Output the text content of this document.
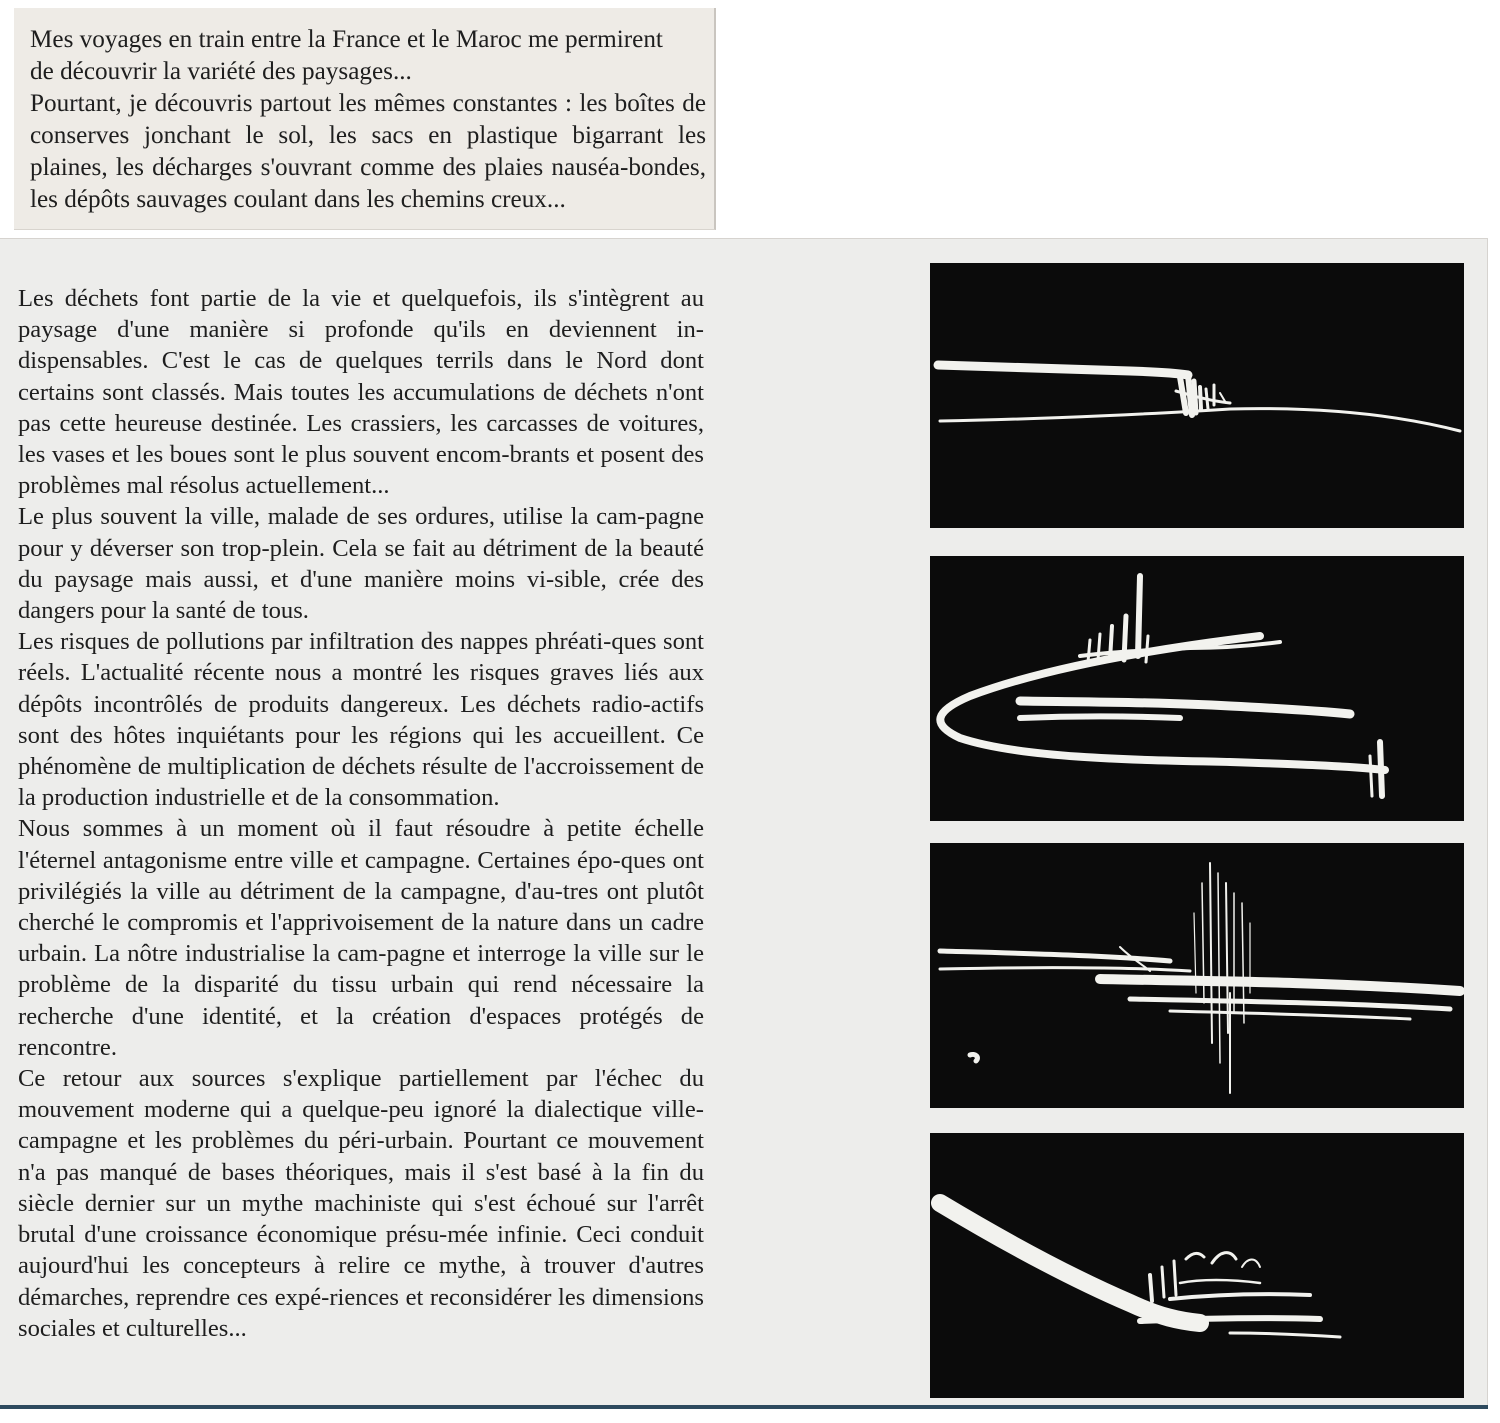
Mes voyages en train entre la France et le Maroc me permirent
de découvrir la variété des paysages...
Pourtant, je découvris partout les mêmes constantes : les boîtes de conserves jonchant le sol, les sacs en plastique bigarrant les plaines, les décharges s'ouvrant comme des plaies nauséa-bondes, les dépôts sauvages coulant dans les chemins creux...

Les déchets font partie de la vie et quelquefois, ils s'intègrent au paysage d'une manière si profonde qu'ils en deviennent in-dispensables. C'est le cas de quelques terrils dans le Nord dont certains sont classés. Mais toutes les accumulations de déchets n'ont pas cette heureuse destinée. Les crassiers, les carcasses de voitures, les vases et les boues sont le plus souvent encom-brants et posent des problèmes mal résolus actuellement...

Le plus souvent la ville, malade de ses ordures, utilise la cam-pagne pour y déverser son trop-plein. Cela se fait au détriment de la beauté du paysage mais aussi, et d'une manière moins vi-sible, crée des dangers pour la santé de tous.

Les risques de pollutions par infiltration des nappes phréati-ques sont réels. L'actualité récente nous a montré les risques graves liés aux dépôts incontrôlés de produits dangereux. Les déchets radio-actifs sont des hôtes inquiétants pour les régions qui les accueillent. Ce phénomène de multiplication de déchets résulte de l'accroissement de la production industrielle et de la consommation.

Nous sommes à un moment où il faut résoudre à petite échelle l'éternel antagonisme entre ville et campagne. Certaines épo-ques ont privilégiés la ville au détriment de la campagne, d'au-tres ont plutôt cherché le compromis et l'apprivoisement de la nature dans un cadre urbain. La nôtre industrialise la cam-pagne et interroge la ville sur le problème de la disparité du tissu urbain qui rend nécessaire la recherche d'une identité, et la création d'espaces protégés de rencontre.

Ce retour aux sources s'explique partiellement par l'échec du mouvement moderne qui a quelque-peu ignoré la dialectique ville-campagne et les problèmes du péri-urbain. Pourtant ce mouvement n'a pas manqué de bases théoriques, mais il s'est basé à la fin du siècle dernier sur un mythe machiniste qui s'est échoué sur l'arrêt brutal d'une croissance économique présu-mée infinie. Ceci conduit aujourd'hui les concepteurs à relire ce mythe, à trouver d'autres démarches, reprendre ces expé-riences et reconsidérer les dimensions sociales et culturelles...
